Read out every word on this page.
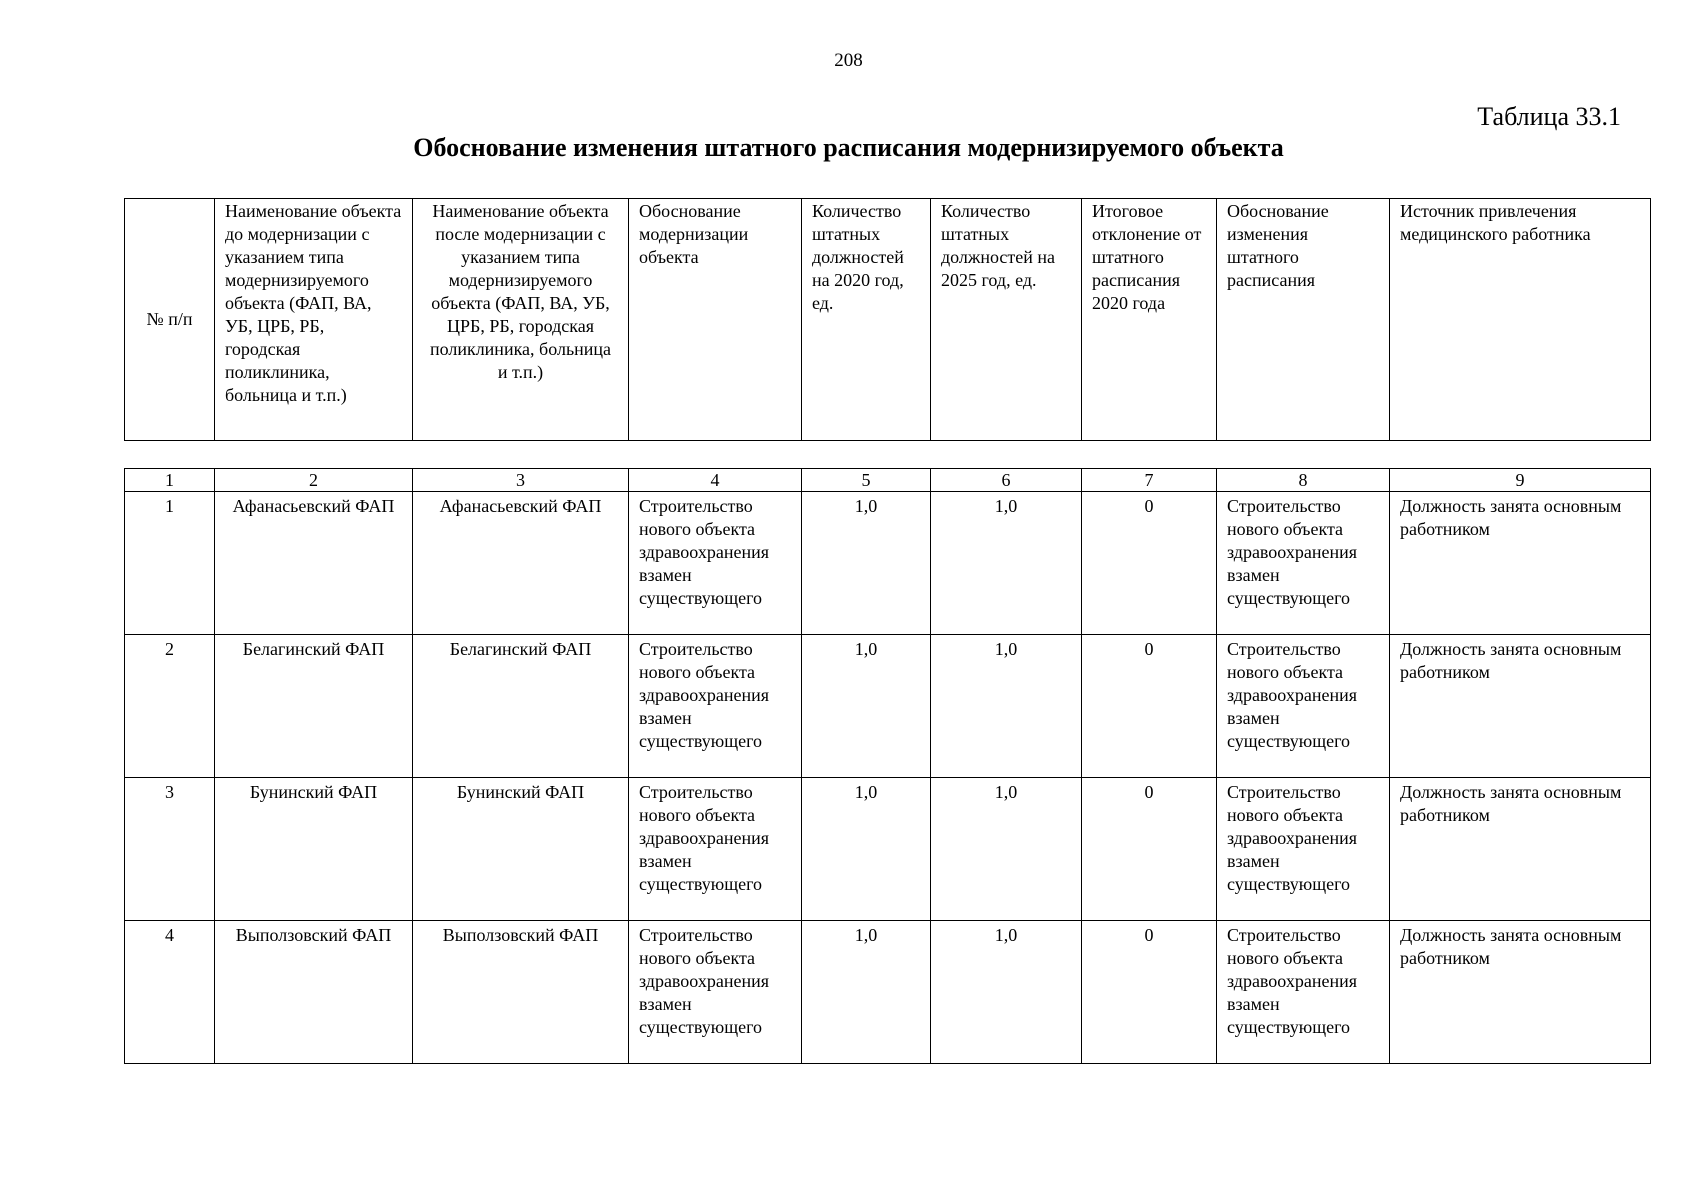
208
Таблица 33.1
Обоснование изменения штатного расписания модернизируемого объекта
№ п/п	Наименование объекта до модернизации с указанием типа модернизируемого объекта (ФАП, ВА, УБ, ЦРБ, РБ, городская поликлиника, больница и т.п.)	Наименование объекта после модернизации с указанием типа модернизируемого объекта (ФАП, ВА, УБ, ЦРБ, РБ, городская поликлиника, больница и т.п.)	Обоснование модернизации объекта	Количество штатных должностей на 2020 год, ед.	Количество штатных должностей на 2025 год, ед.	Итоговое отклонение от штатного расписания 2020 года	Обоснование изменения штатного расписания	Источник привлечения медицинского работника
1	2	3	4	5	6	7	8	9
1	Афанасьевский ФАП	Афанасьевский ФАП	Строительство нового объекта здравоохранения взамен существующего	1,0	1,0	0	Строительство нового объекта здравоохранения взамен существующего	Должность занята основным работником
2	Белагинский ФАП	Белагинский ФАП	Строительство нового объекта здравоохранения взамен существующего	1,0	1,0	0	Строительство нового объекта здравоохранения взамен существующего	Должность занята основным работником
3	Бунинский ФАП	Бунинский ФАП	Строительство нового объекта здравоохранения взамен существующего	1,0	1,0	0	Строительство нового объекта здравоохранения взамен существующего	Должность занята основным работником
4	Выползовский ФАП	Выползовский ФАП	Строительство нового объекта здравоохранения взамен существующего	1,0	1,0	0	Строительство нового объекта здравоохранения взамен существующего	Должность занята основным работником
